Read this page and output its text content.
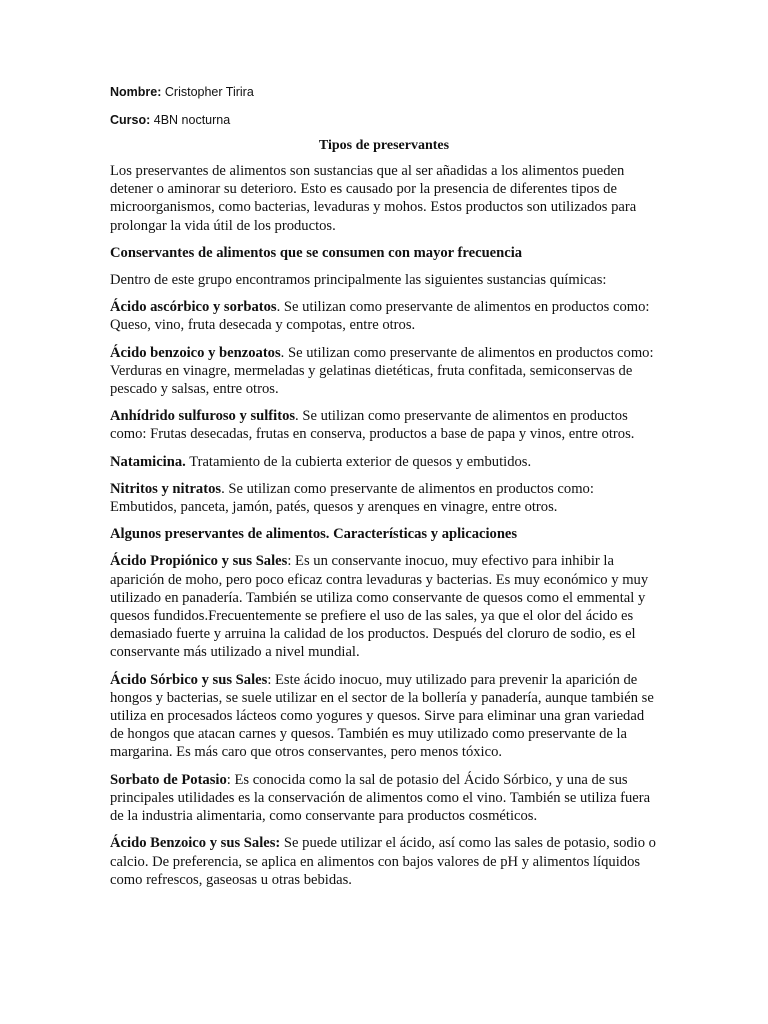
Nombre: Cristopher Tirira

Curso: 4BN nocturna

Tipos de preservantes

Los preservantes de alimentos son sustancias que al ser añadidas a los alimentos pueden detener o aminorar su deterioro. Esto es causado por la presencia de diferentes tipos de microorganismos, como bacterias, levaduras y mohos. Estos productos son utilizados para prolongar la vida útil de los productos.

Conservantes de alimentos que se consumen con mayor frecuencia

Dentro de este grupo encontramos principalmente las siguientes sustancias químicas:

Ácido ascórbico y sorbatos. Se utilizan como preservante de alimentos en productos como: Queso, vino, fruta desecada y compotas, entre otros.

Ácido benzoico y benzoatos. Se utilizan como preservante de alimentos en productos como: Verduras en vinagre, mermeladas y gelatinas dietéticas, fruta confitada, semiconservas de pescado y salsas, entre otros.

Anhídrido sulfuroso y sulfitos. Se utilizan como preservante de alimentos en productos como: Frutas desecadas, frutas en conserva, productos a base de papa y vinos, entre otros.

Natamicina. Tratamiento de la cubierta exterior de quesos y embutidos.

Nitritos y nitratos. Se utilizan como preservante de alimentos en productos como: Embutidos, panceta, jamón, patés, quesos y arenques en vinagre, entre otros.

Algunos preservantes de alimentos. Características y aplicaciones

Ácido Propiónico y sus Sales: Es un conservante inocuo, muy efectivo para inhibir la aparición de moho, pero poco eficaz contra levaduras y bacterias. Es muy económico y muy utilizado en panadería. También se utiliza como conservante de quesos como el emmental y quesos fundidos.Frecuentemente se prefiere el uso de las sales, ya que el olor del ácido es demasiado fuerte y arruina la calidad de los productos. Después del cloruro de sodio, es el conservante más utilizado a nivel mundial.

Ácido Sórbico y sus Sales: Este ácido inocuo, muy utilizado para prevenir la aparición de hongos y bacterias, se suele utilizar en el sector de la bollería y panadería, aunque también se utiliza en procesados lácteos como yogures y quesos. Sirve para eliminar una gran variedad de hongos que atacan carnes y quesos. También es muy utilizado como preservante de la margarina. Es más caro que otros conservantes, pero menos tóxico.

Sorbato de Potasio: Es conocida como la sal de potasio del Ácido Sórbico, y una de sus principales utilidades es la conservación de alimentos como el vino. También se utiliza fuera de la industria alimentaria, como conservante para productos cosméticos.

Ácido Benzoico y sus Sales: Se puede utilizar el ácido, así como las sales de potasio, sodio o calcio. De preferencia, se aplica en alimentos con bajos valores de pH y alimentos líquidos como refrescos, gaseosas u otras bebidas.
